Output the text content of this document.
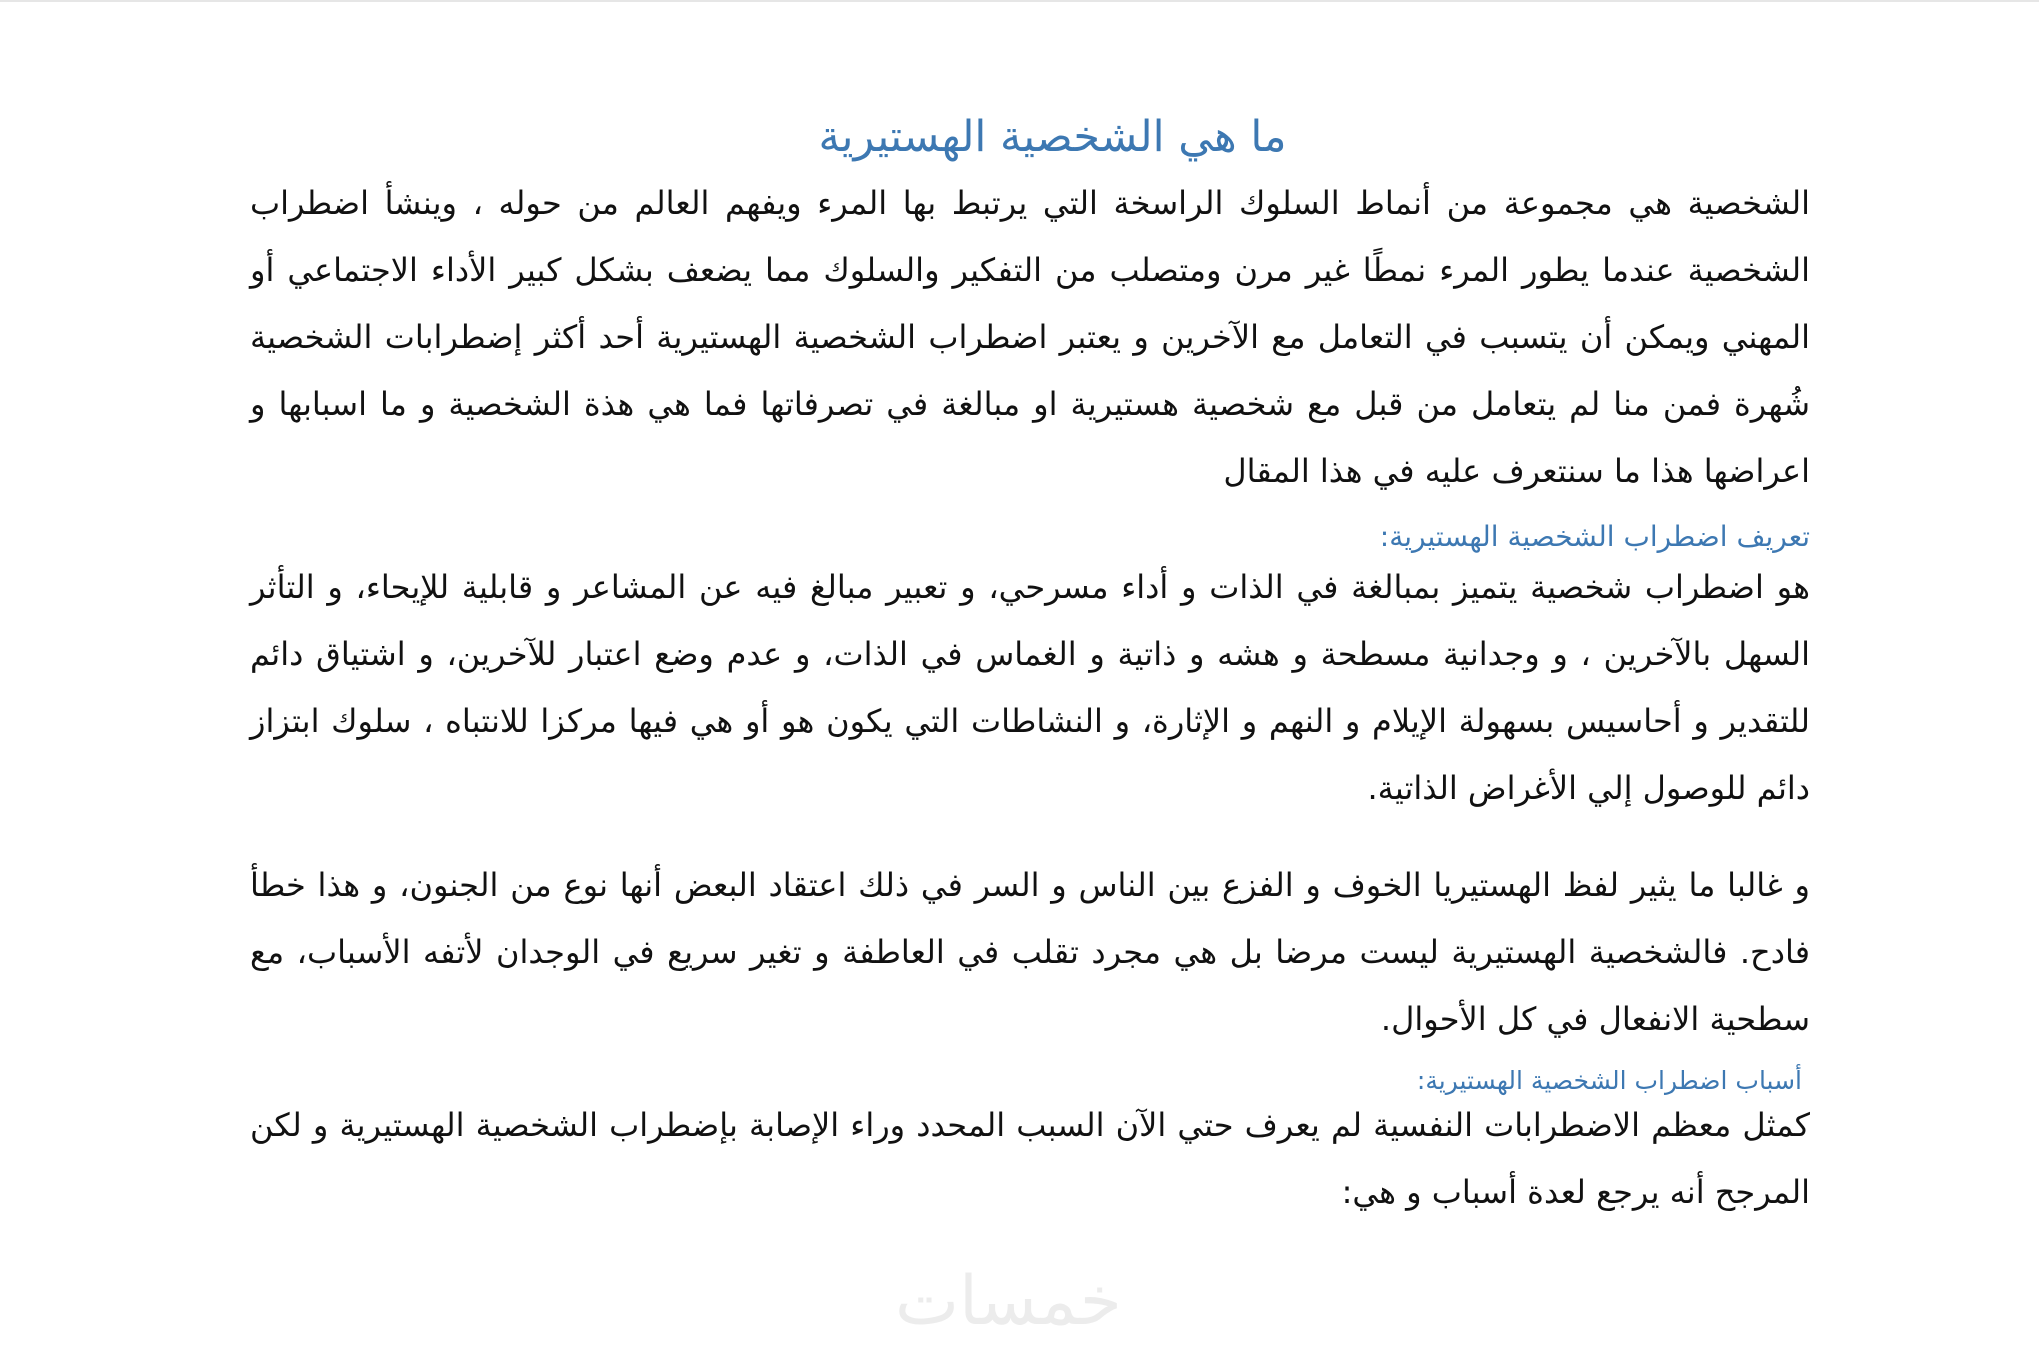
ما هي الشخصية الهستيرية

الشخصية هي مجموعة من أنماط السلوك الراسخة التي يرتبط بها المرء ويفهم العالم من حوله ، وينشأ اضطراب الشخصية عندما يطور المرء نمطًا غير مرن ومتصلب من التفكير والسلوك مما يضعف بشكل كبير الأداء الاجتماعي أو المهني ويمكن أن يتسبب في التعامل مع الآخرين و يعتبر اضطراب الشخصية الهستيرية أحد أكثر إضطرابات الشخصية شُهرة فمن منا لم يتعامل من قبل مع شخصية هستيرية او مبالغة في تصرفاتها فما هي هذة الشخصية و ما اسبابها و اعراضها هذا ما سنتعرف عليه في هذا المقال

تعريف اضطراب الشخصية الهستيرية:

هو اضطراب شخصية يتميز بمبالغة في الذات و أداء مسرحي، و تعبير مبالغ فيه عن المشاعر و قابلية للإيحاء، و التأثر السهل بالآخرين ، و وجدانية مسطحة و هشه و ذاتية و الغماس في الذات، و عدم وضع اعتبار للآخرين، و اشتياق دائم للتقدير و أحاسيس بسهولة الإيلام و النهم و الإثارة، و النشاطات التي يكون هو أو هي فيها مركزا للانتباه ، سلوك ابتزاز دائم للوصول إلي الأغراض الذاتية.

و غالبا ما يثير لفظ الهستيريا الخوف و الفزع بين الناس و السر في ذلك اعتقاد البعض أنها نوع من الجنون، و هذا خطأ فادح. فالشخصية الهستيرية ليست مرضا بل هي مجرد تقلب في العاطفة و تغير سريع في الوجدان لأتفه الأسباب، مع سطحية الانفعال في كل الأحوال.

أسباب اضطراب الشخصية الهستيرية:

كمثل معظم الاضطرابات النفسية لم يعرف حتي الآن السبب المحدد وراء الإصابة بإضطراب الشخصية الهستيرية و لكن المرجح أنه يرجع لعدة أسباب و هي:

خمسات
